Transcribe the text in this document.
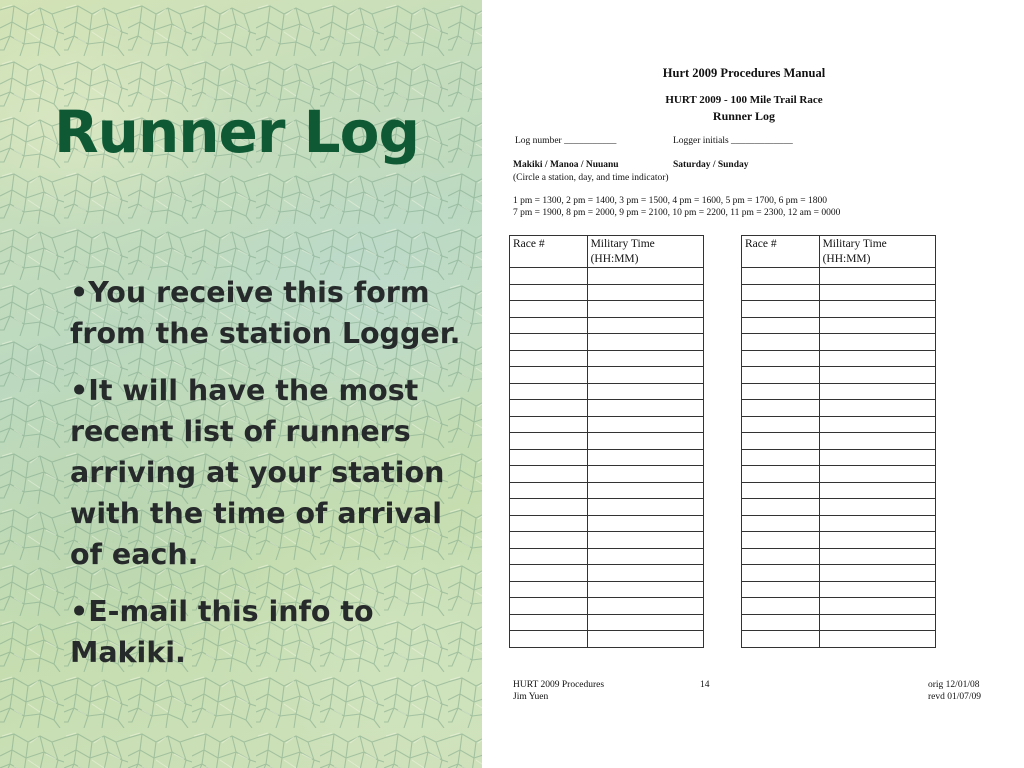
Runner Log
•You receive this form from the station Logger.
•It will have the most recent list of runners arriving at your station with the time of arrival of each.
•E-mail this info to Makiki.
Hurt 2009 Procedures Manual
HURT 2009 - 100 Mile Trail Race
Runner Log
Log number ___________	Logger initials _____________
Makiki / Manoa / Nuuanu	Saturday / Sunday
(Circle a station, day, and time indicator)
1 pm = 1300, 2 pm = 1400, 3 pm = 1500, 4 pm = 1600, 5 pm = 1700, 6 pm = 1800
7 pm = 1900, 8 pm = 2000, 9 pm = 2100, 10 pm = 2200, 11 pm = 2300, 12 am = 0000
Race #	Military Time
(HH:MM)

Race #	Military Time
(HH:MM)

HURT 2009 Procedures
Jim Yuen
14	orig 12/01/08
revd 01/07/09
